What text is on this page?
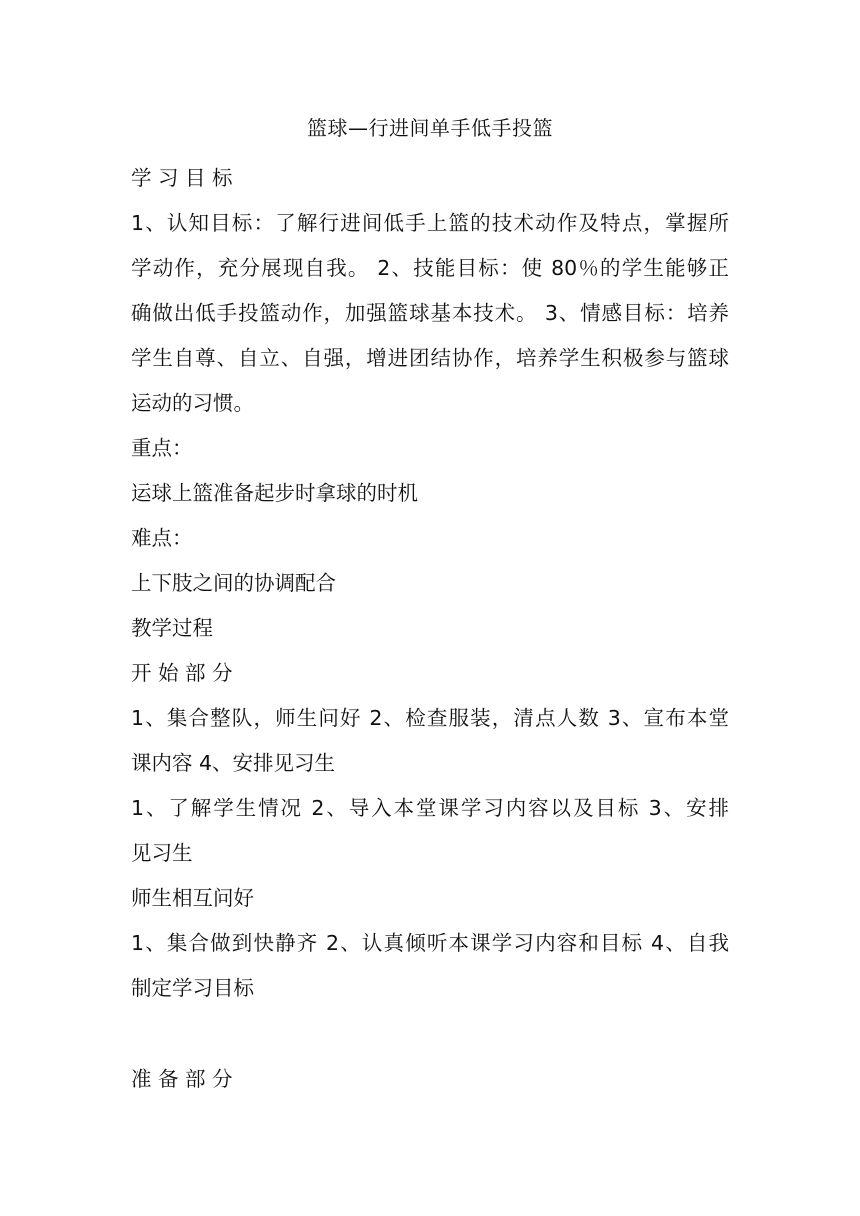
篮球—行进间单手低手投篮
学 习 目 标
1、认知目标：了解行进间低手上篮的技术动作及特点，掌握所
学动作，充分展现自我。 2、技能目标：使 80％的学生能够正
确做出低手投篮动作，加强篮球基本技术。 3、情感目标：培养
学生自尊、自立、自强，增进团结协作，培养学生积极参与篮球
运动的习惯。
重点：
运球上篮准备起步时拿球的时机
难点：
上下肢之间的协调配合
教学过程
开 始 部 分
1、集合整队，师生问好 2、检查服装，清点人数 3、宣布本堂
课内容 4、安排见习生
1、了解学生情况 2、导入本堂课学习内容以及目标 3、安排
见习生
师生相互问好
1、集合做到快静齐 2、认真倾听本课学习内容和目标 4、自我
制定学习目标
准 备 部 分
